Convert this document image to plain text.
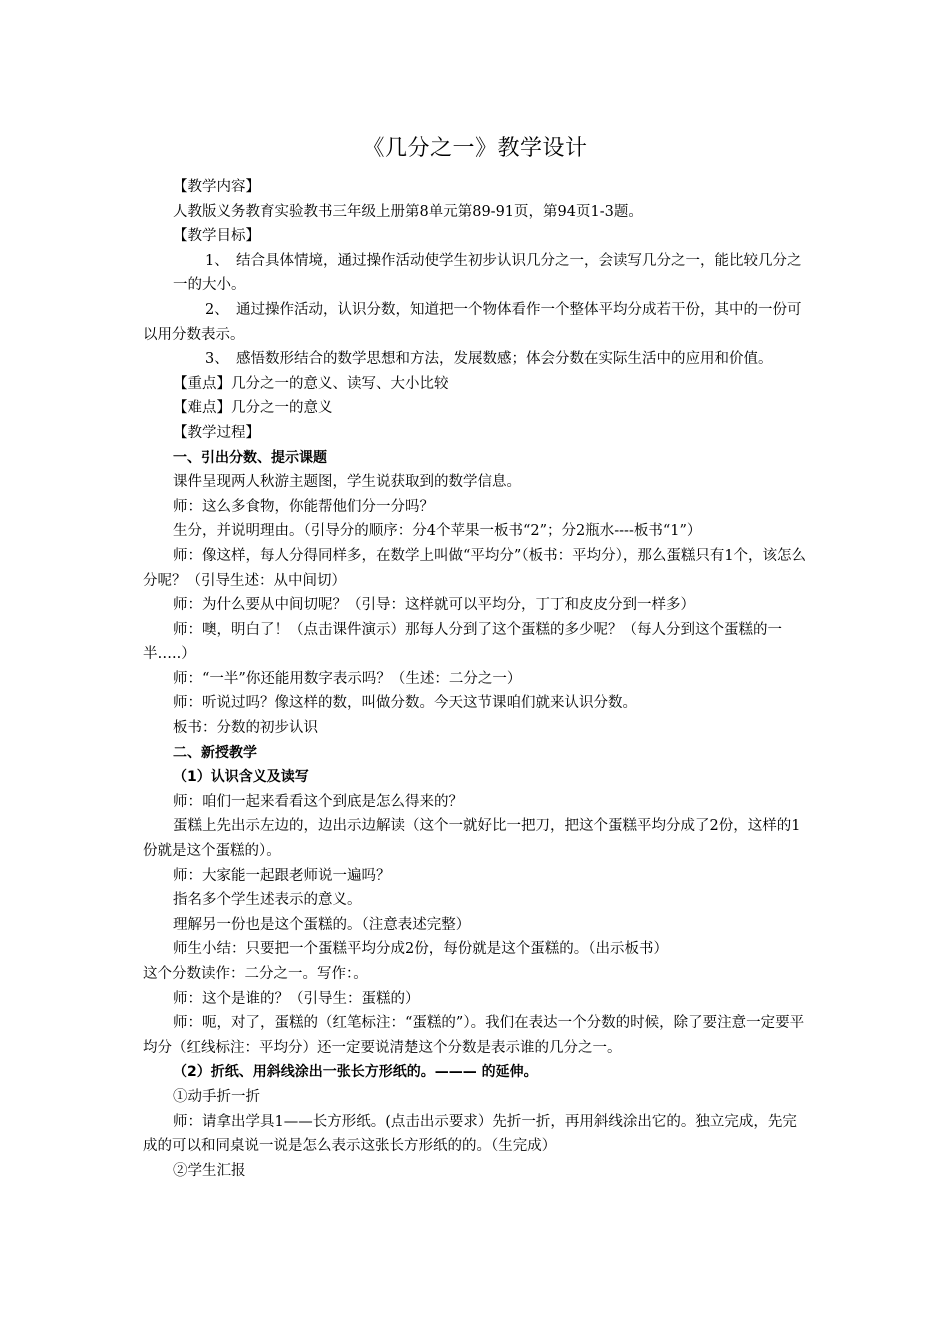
《几分之一》教学设计

【教学内容】

人教版义务教育实验教书三年级上册第8单元第89-91页，第94页1-3题。

【教学目标】

1、　结合具体情境，通过操作活动使学生初步认识几分之一，会读写几分之一，能比较几分之一的大小。

2、　通过操作活动，认识分数，知道把一个物体看作一个整体平均分成若干份，其中的一份可以用分数表示。

3、　感悟数形结合的数学思想和方法，发展数感；体会分数在实际生活中的应用和价值。

【重点】几分之一的意义、读写、大小比较

【难点】几分之一的意义

【教学过程】

一、引出分数、提示课题

课件呈现两人秋游主题图，学生说获取到的数学信息。

师：这么多食物，你能帮他们分一分吗？

生分，并说明理由。（引导分的顺序：分4个苹果一板书“2”；分2瓶水----板书“1”）

师：像这样，每人分得同样多，在数学上叫做“平均分”（板书：平均分），那么蛋糕只有1个，该怎么分呢？（引导生述：从中间切）

师：为什么要从中间切呢？（引导：这样就可以平均分，丁丁和皮皮分到一样多）

师：噢，明白了！（点击课件演示）那每人分到了这个蛋糕的多少呢？（每人分到这个蛋糕的一半…..）

师：“一半”你还能用数字表示吗？（生述：二分之一）

师：听说过吗？像这样的数，叫做分数。今天这节课咱们就来认识分数。

板书：分数的初步认识

二、新授教学

（1）认识含义及读写

师：咱们一起来看看这个到底是怎么得来的？

蛋糕上先出示左边的，边出示边解读（这个一就好比一把刀，把这个蛋糕平均分成了2份，这样的1份就是这个蛋糕的）。

师：大家能一起跟老师说一遍吗？

指名多个学生述表示的意义。

理解另一份也是这个蛋糕的。（注意表述完整）

师生小结：只要把一个蛋糕平均分成2份，每份就是这个蛋糕的。（出示板书）

这个分数读作：二分之一。写作：。

师：这个是谁的？（引导生：蛋糕的）

师：呃，对了，蛋糕的（红笔标注：“蛋糕的”）。我们在表达一个分数的时候，除了要注意一定要平均分（红线标注：平均分）还一定要说清楚这个分数是表示谁的几分之一。

（2）折纸、用斜线涂出一张长方形纸的。——— 的延伸。

①动手折一折

师：请拿出学具1——长方形纸。(点击出示要求）先折一折，再用斜线涂出它的。独立完成，先完成的可以和同桌说一说是怎么表示这张长方形纸的的。（生完成）

②学生汇报
